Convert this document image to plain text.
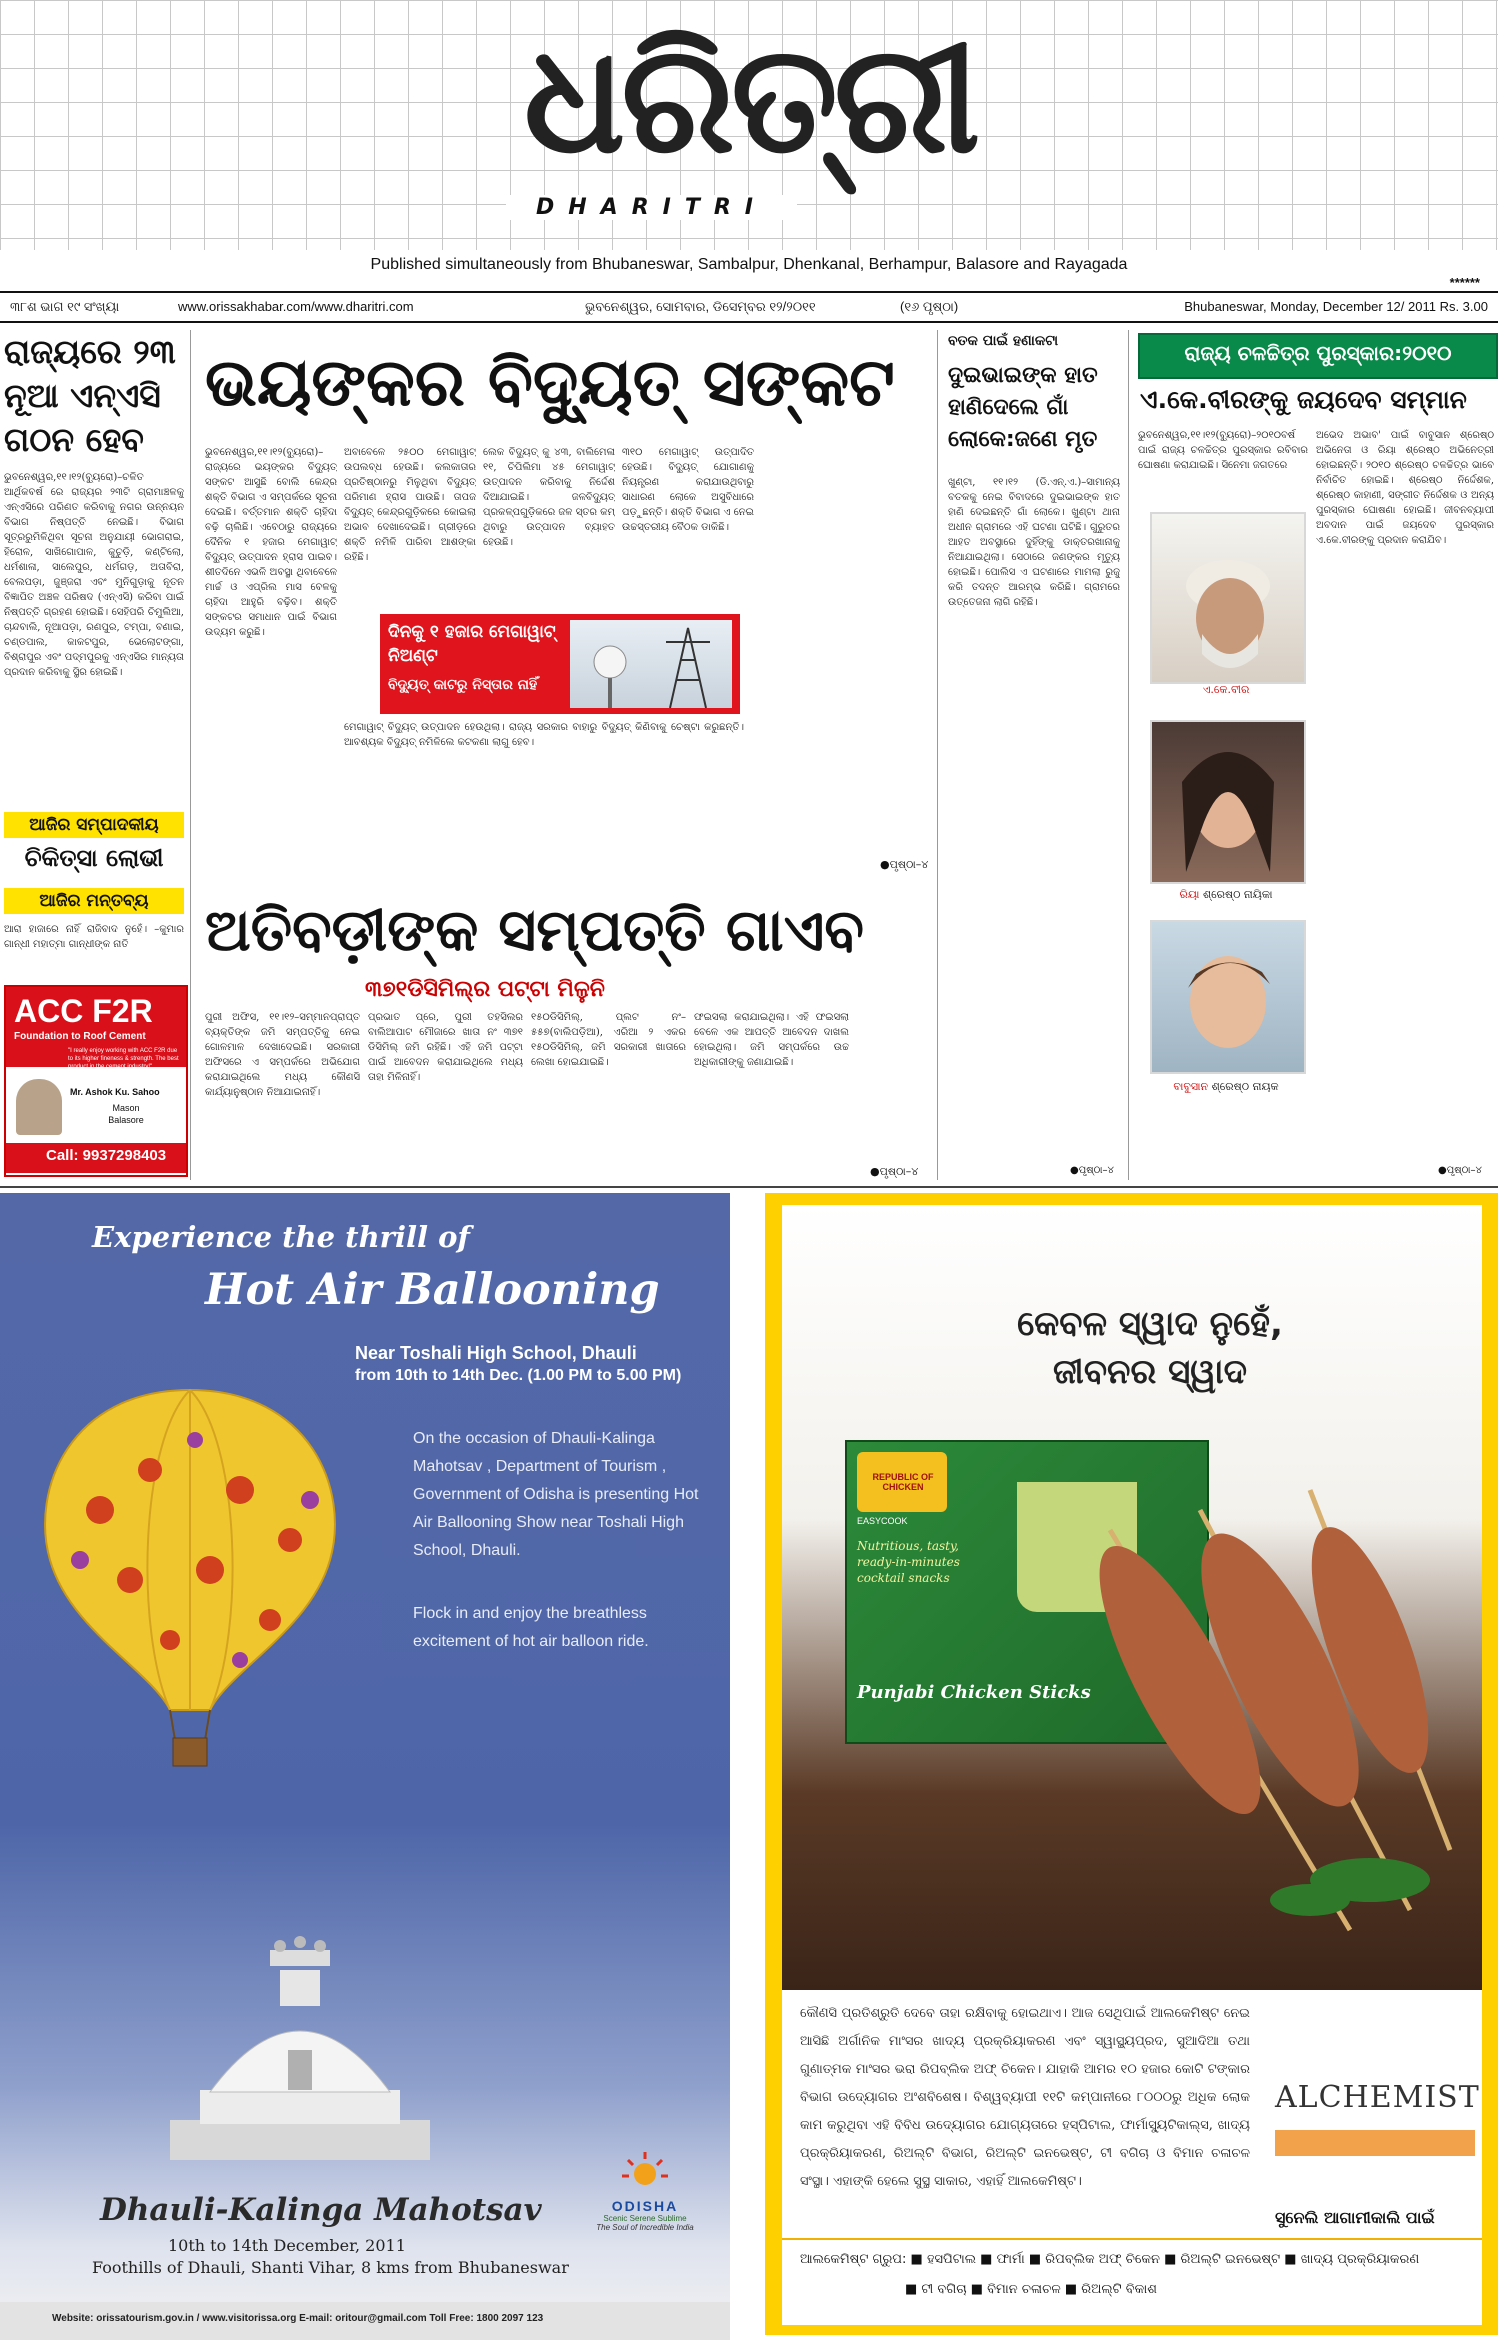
ଧରିତ୍ରୀ
DHARITRI
Published simultaneously from Bhubaneswar, Sambalpur, Dhenkanal, Berhampur, Balasore and Rayagada
******
୩୮ଶ ଭାଗ ୧୯ ସଂଖ୍ୟା	www.orissakhabar.com/www.dharitri.com	ଭୁବନେଶ୍ୱର, ସୋମବାର, ଡିସେମ୍ବର ୧୨/୨୦୧୧	(୧୬ ପୃଷ୍ଠା)	Bhubaneswar, Monday, December 12/ 2011 Rs. 3.00
ରାଜ୍ୟରେ ୨୩ ନୂଆ ଏନ୍‌ଏସି ଗଠନ ହେବ
ଭୁବନେଶ୍ୱର,୧୧।୧୨(ବ୍ୟୁରୋ)–ଚଳିତ ଆର୍ଥିକବର୍ଷ ରେ ରାଜ୍ୟର ୨୩ଟି ଗ୍ରାମାଞ୍ଚଳକୁ ଏନ୍‌ଏସିରେ ପରିଣତ କରିବାକୁ ନଗର ଉନ୍ନୟନ ବିଭାଗ ନିଷ୍ପତ୍ତି ନେଇଛି। ବିଭାଗ ସୂତ୍ରରୁମିଳିଥିବା ସୂଚନା ଅନୁଯାୟୀ ଭୋଗରାଇ, ହିରୋଳ, ସାଖିଗୋପାଳ, କୁଚୁଡ଼ି, କଣ୍ଟିଲୋ, ଧର୍ମଶାଳା, ସାଲେପୁର, ଧର୍ମଗଡ଼, ଅତାବିରା, ବେଲପଡ଼ା, ଜୁଞ୍ଜରା ଏବଂ ମୁନିଗୁଡ଼ାକୁ ନୂତନ ବିଜ୍ଞାପିତ ଅଞ୍ଚଳ ପରିଷଦ (ଏନ୍‌ଏସି) କରିବା ପାଇଁ ନିଷ୍ପତ୍ତି ଗ୍ରହଣ ହୋଇଛି। ସେହିପରି ଚିମୁଲିଆ, ଚାନ୍ଦବାଲି, ନୂଆପଡ଼ା, ରଣପୁର, ଟମ୍ପା, ବଣାଇ, ଚଣ୍ଡପାଲ, କାକଟପୁର, ଭେଲୋଟଙ୍ଗା, ବିଶ୍ରାପୁର ଏବଂ ପଦ୍ମପୁରକୁ ଏନ୍‌ଏସିର ମାନ୍ୟତା ପ୍ରଦାନ କରିବାକୁ ସ୍ଥିର ହୋଇଛି।
ଆଜିର ସମ୍ପାଦକୀୟ
ଚିକିତ୍ସା ଲୋଭୀ
ଆଜିର ମନ୍ତବ୍ୟ
ଆରା ହାଜାରେ ନାହିଁ ରାଜିବାଦ ନୁହେଁ। –କୁମାର ଗାନ୍ଧୀ ମହାତ୍ମା ଗାନ୍ଧୀଙ୍କ ନାତି
ACC F2R
Foundation to Roof Cement
"I really enjoy working with ACC F2R due to its higher fineness & strength. The best product in the cement industry!"
Mr. Ashok Ku. Sahoo
Mason
Balasore
Call: 9937298403
ଭୟଙ୍କର ବିଦ୍ୟୁତ୍ ସଙ୍କଟ
ଭୁବନେଶ୍ୱର,୧୧।୧୨(ବ୍ୟୁରୋ)–ରାଜ୍ୟରେ ଭୟଙ୍କର ବିଦ୍ୟୁତ୍ ସଙ୍କଟ ଆସୁଛି ବୋଲି କେନ୍ଦ୍ର ଶକ୍ତି ବିଭାଗ ଏ ସମ୍ପର୍କରେ ସୂଚନା ଦେଇଛି। ବର୍ତ୍ତମାନ ଶକ୍ତି ଚାହିଦା ବଢ଼ି ଚାଲିଛି। ଏବେଠାରୁ ରାଜ୍ୟରେ ଦୈନିକ ୧ ହଜାର ମେଗାୱାଟ୍ ବିଦ୍ୟୁତ୍ ଉତ୍ପାଦନ ହ୍ରାସ ପାଇବ। ଶୀତଦିନେ ଏଭଳି ଅବସ୍ଥା ଥିବାବେଳେ ମାର୍ଚ୍ଚ ଓ ଏପ୍ରିଲ ମାସ ବେଳକୁ ଚାହିଦା ଆହୁରି ବଢ଼ିବ। ଶକ୍ତି ସଙ୍କଟର ସମାଧାନ ପାଇଁ ବିଭାଗ ଉଦ୍ୟମ କରୁଛି।
ଅବାବେଳେ ୨୫୦୦ ମେଗାୱାଟ୍ ଉପଲବ୍ଧ ହେଉଛି। କଲକାତାର ପ୍ରତିଷ୍ଠାନରୁ ମିଳୁଥିବା ବିଦ୍ୟୁତ୍ ପରିମାଣ ହ୍ରାସ ପାଉଛି। ତାପଜ ବିଦ୍ୟୁତ୍ କେନ୍ଦ୍ରଗୁଡ଼ିକରେ କୋଇଲା ଅଭାବ ଦେଖାଦେଇଛି। ଗ୍ରୀଡ଼ରେ ଶକ୍ତି ନମିଳି ପାରିବା ଆଶଙ୍କା ରହିଛି।
ଲେକ ବିଦ୍ୟୁତ୍ କୁ ୪୩, ବାଲିମେଳା ୧୧, ଚିପିଲିମା ୪୫ ମେଗାୱାଟ୍ ଉତ୍ପାଦନ କରିବାକୁ ନିର୍ଦ୍ଦେଶ ଦିଆଯାଇଛି। ଜଳବିଦ୍ୟୁତ୍ ପ୍ରକଳ୍ପଗୁଡ଼ିକରେ ଜଳ ସ୍ତର କମ୍ ଥିବାରୁ ଉତ୍ପାଦନ ବ୍ୟାହତ ହେଉଛି।
୩୧୦ ମେଗାୱାଟ୍ ଉତ୍ପାଦିତ ହେଉଛି। ବିଦ୍ୟୁତ୍ ଯୋଗାଣକୁ ନିୟନ୍ତ୍ରଣ କରାଯାଉଥିବାରୁ ସାଧାରଣ ଲୋକେ ଅସୁବିଧାରେ ପଡ଼ୁଛନ୍ତି। ଶକ୍ତି ବିଭାଗ ଏ ନେଇ ଉଚ୍ଚସ୍ତରୀୟ ବୈଠକ ଡାକିଛି।
ଦିନକୁ ୧ ହଜାର ମେଗାୱାଟ୍ ନିଅଣ୍ଟ
ବିଦ୍ୟୁତ୍ କାଟରୁ ନିସ୍ତାର ନାହିଁ
ମେଗାୱାଟ୍ ବିଦ୍ୟୁତ୍ ଉତ୍ପାଦନ ହେଉଥିଲା। ରାଜ୍ୟ ସରକାର ବାହାରୁ ବିଦ୍ୟୁତ୍ କିଣିବାକୁ ଚେଷ୍ଟା କରୁଛନ୍ତି। ଆବଶ୍ୟକ ବିଦ୍ୟୁତ୍ ନମିଳିଲେ କଟକଣା ଲାଗୁ ହେବ।
●ପୃଷ୍ଠା–୪
ଅତିବଡ଼ୀଙ୍କ ସମ୍ପତ୍ତି ଗାଏବ
୩୭୧ଡିସିମିଲ୍‌ର ପଟ୍ଟା ମିଳୁନି
ପୁରୀ ଅଫିସ, ୧୧।୧୨–ସମ୍ମାନପ୍ରାପ୍ତ ବ୍ୟକ୍ତିଙ୍କ ଜମି ସମ୍ପତ୍ତିକୁ ନେଇ ଗୋଳମାଳ ଦେଖାଦେଇଛି। ସରକାରୀ ଅଫିସରେ ଏ ସମ୍ପର୍କରେ ଅଭିଯୋଗ କରାଯାଇଥିଲେ ମଧ୍ୟ କୌଣସି କାର୍ଯ୍ୟାନୁଷ୍ଠାନ ନିଆଯାଇନାହିଁ।
ପ୍ରଭାତ ପ୍ରେ, ପୁରୀ ତହସିଲର ବାଲିଆପାଟ ମୌଜାରେ ଖାତା ନଂ ୩୭୧ ଡିସିମିଲ୍ ଜମି ରହିଛି। ଏହି ଜମି ପଟ୍ଟା ପାଇଁ ଆବେଦନ କରାଯାଇଥିଲେ ମଧ୍ୟ ତାହା ମିଳିନାହିଁ।
୧୫୦ଡିସିମିଲ୍, ପ୍ଲଟ ନଂ–୫୫୭(ବାଲିପଡ଼ିଆ), ଏରିଆ ୨ ଏକର ୧୫୦ଡିସିମିଲ୍, ଜମି ସରକାରୀ ଖାତାରେ ଲେଖା ହୋଇଯାଇଛି।
ଫଇସଲା କରାଯାଇଥିଲା। ଏହି ଫଇସଲା ବେଳେ ଏକ ଆପତ୍ତି ଆବେଦନ ଦାଖଲ ହୋଇଥିଲା। ଜମି ସମ୍ପର୍କରେ ଉଚ୍ଚ ଅଧିକାରୀଙ୍କୁ ଜଣାଯାଇଛି।
●ପୃଷ୍ଠା–୪
ବତକ ପାଇଁ ହଣାକଟା
ଦୁଇଭାଇଙ୍କ ହାତ ହାଣିଦେଲେ ଗାଁ ଲୋକେ:ଜଣେ ମୃତ
ଖୁଣ୍ଟା, ୧୧।୧୨ (ଡି.ଏନ୍.ଏ.)–ସାମାନ୍ୟ ବତକକୁ ନେଇ ବିବାଦରେ ଦୁଇଭାଇଙ୍କ ହାତ ହାଣି ଦେଇଛନ୍ତି ଗାଁ ଲୋକେ। ଖୁଣ୍ଟା ଥାନା ଅଧୀନ ଗ୍ରାମରେ ଏହି ଘଟଣା ଘଟିଛି। ଗୁରୁତର ଆହତ ଅବସ୍ଥାରେ ଦୁହିଁଙ୍କୁ ଡାକ୍ତରଖାନାକୁ ନିଆଯାଇଥିଲା। ସେଠାରେ ଜଣଙ୍କର ମୃତ୍ୟୁ ହୋଇଛି। ପୋଲିସ ଏ ଘଟଣାରେ ମାମଲା ରୁଜୁ କରି ତଦନ୍ତ ଆରମ୍ଭ କରିଛି। ଗ୍ରାମରେ ଉତ୍ତେଜନା ଲାଗି ରହିଛି।
●ପୃଷ୍ଠା–୪
ରାଜ୍ୟ ଚଳଚ୍ଚିତ୍ର ପୁରସ୍କାର:୨୦୧୦
ଏ.କେ.ବୀରଙ୍କୁ ଜୟଦେବ ସମ୍ମାନ
ଭୁବନେଶ୍ୱର,୧୧।୧୨(ବ୍ୟୁରୋ)–୨୦୧୦ବର୍ଷ ପାଇଁ ରାଜ୍ୟ ଚଳଚ୍ଚିତ୍ର ପୁରସ୍କାର ରବିବାର ଘୋଷଣା କରାଯାଇଛି। ସିନେମା ଜଗତରେ
ଏ.କେ.ବୀର
ରିୟା ଶ୍ରେଷ୍ଠ ନାୟିକା
ବାବୁସାନ ଶ୍ରେଷ୍ଠ ନାୟକ
ଅଭେଦ ଅଭାବ' ପାଇଁ ବାବୁସାନ ଶ୍ରେଷ୍ଠ ଅଭିନେତା ଓ ରିୟା ଶ୍ରେଷ୍ଠ ଅଭିନେତ୍ରୀ ହୋଇଛନ୍ତି। ୨୦୧୦ ଶ୍ରେଷ୍ଠ ଚଳଚ୍ଚିତ୍ର ଭାବେ ନିର୍ବାଚିତ ହୋଇଛି। ଶ୍ରେଷ୍ଠ ନିର୍ଦ୍ଦେଶକ, ଶ୍ରେଷ୍ଠ କାହାଣୀ, ସଙ୍ଗୀତ ନିର୍ଦ୍ଦେଶକ ଓ ଅନ୍ୟ ପୁରସ୍କାର ଘୋଷଣା ହୋଇଛି। ଜୀବନବ୍ୟାପୀ ଅବଦାନ ପାଇଁ ଜୟଦେବ ପୁରସ୍କାର ଏ.କେ.ବୀରଙ୍କୁ ପ୍ରଦାନ କରାଯିବ।
●ପୃଷ୍ଠା–୪
Experience the thrill of
Hot Air Ballooning
Near Toshali High School, Dhauli
from 10th to 14th Dec. (1.00 PM to 5.00 PM)
On the occasion of Dhauli-Kalinga Mahotsav , Department of Tourism , Government of Odisha is presenting Hot Air Ballooning Show near Toshali High School, Dhauli.
Flock in and enjoy the breathless excitement of hot air balloon ride.
Dhauli-Kalinga Mahotsav
10th to 14th December, 2011
Foothills of Dhauli, Shanti Vihar, 8 kms from Bhubaneswar
ODISHA
Scenic Serene Sublime
The Soul of Incredible India
Website: orissatourism.gov.in / www.visitorissa.org E-mail: oritour@gmail.com Toll Free: 1800 2097 123
କେବଳ ସ୍ୱାଦ ନୁହେଁ,
ଜୀବନର ସ୍ୱାଦ
REPUBLIC OF CHICKEN
EASYCOOK
Nutritious, tasty, ready-in-minutes cocktail snacks
Punjabi Chicken Sticks
କୌଣସି ପ୍ରତିଶ୍ରୁତି ଦେବେ ତାହା ରକ୍ଷିବାକୁ ହୋଇଥାଏ। ଆଜ ସେଥିପାଇଁ ଆଲକେମିଷ୍ଟ ନେଇ ଆସିଛି ଅର୍ଗାନିକ ମାଂସର ଖାଦ୍ୟ ପ୍ରକ୍ରିୟାକରଣ ଏବଂ ସ୍ୱାସ୍ଥ୍ୟପ୍ରଦ, ସୁଆଦିଆ ତଥା ଗୁଣାତ୍ମକ ମାଂସର ଭରା ରିପବ୍ଲିକ ଅଫ୍ ଚିକେନ। ଯାହାକି ଆମର ୧୦ ହଜାର କୋଟି ଟଙ୍କାର ବିଭାଗ ଉଦ୍ୟୋଗର ଅଂଶବିଶେଷ। ବିଶ୍ୱବ୍ୟାପୀ ୧୧ଟି କମ୍ପାନୀରେ ୮୦୦୦ରୁ ଅଧିକ ଲୋକ କାମ କରୁଥିବା ଏହି ବିବିଧ ଉଦ୍ୟୋଗର ଯୋଗ୍ୟତାରେ ହସ୍ପିଟାଲ, ଫାର୍ମାସ୍ୟୁଟିକାଲ୍ସ, ଖାଦ୍ୟ ପ୍ରକ୍ରିୟାକରଣ, ରିଅଲ୍ଟି ବିଭାଗ, ରିଅଲ୍ଟି ଇନଭେଷ୍ଟ, ଟୀ ବଗିଚା ଓ ବିମାନ ଚଳାଚଳ ସଂସ୍ଥା। ଏହାଙ୍କି ହେଲେ ସୁସ୍ଥ ସାକାର, ଏହାହିଁ ଆଲକେମିଷ୍ଟ।
ALCHEMIST
ସୁନେଲି ଆଗାମୀକାଲି ପାଇଁ
ଆଲକେମିଷ୍ଟ ଗ୍ରୁପ: ■ ହସପିଟାଲ ■ ଫାର୍ମା ■ ରିପବ୍ଲିକ ଅଫ୍ ଚିକେନ ■ ରିଅଲ୍ଟି ଇନଭେଷ୍ଟ ■ ଖାଦ୍ୟ ପ୍ରକ୍ରିୟାକରଣ
■ ଟୀ ବଗିଚା ■ ବିମାନ ଚଳାଚଳ ■ ରିଅଲ୍ଟି ବିକାଶ
